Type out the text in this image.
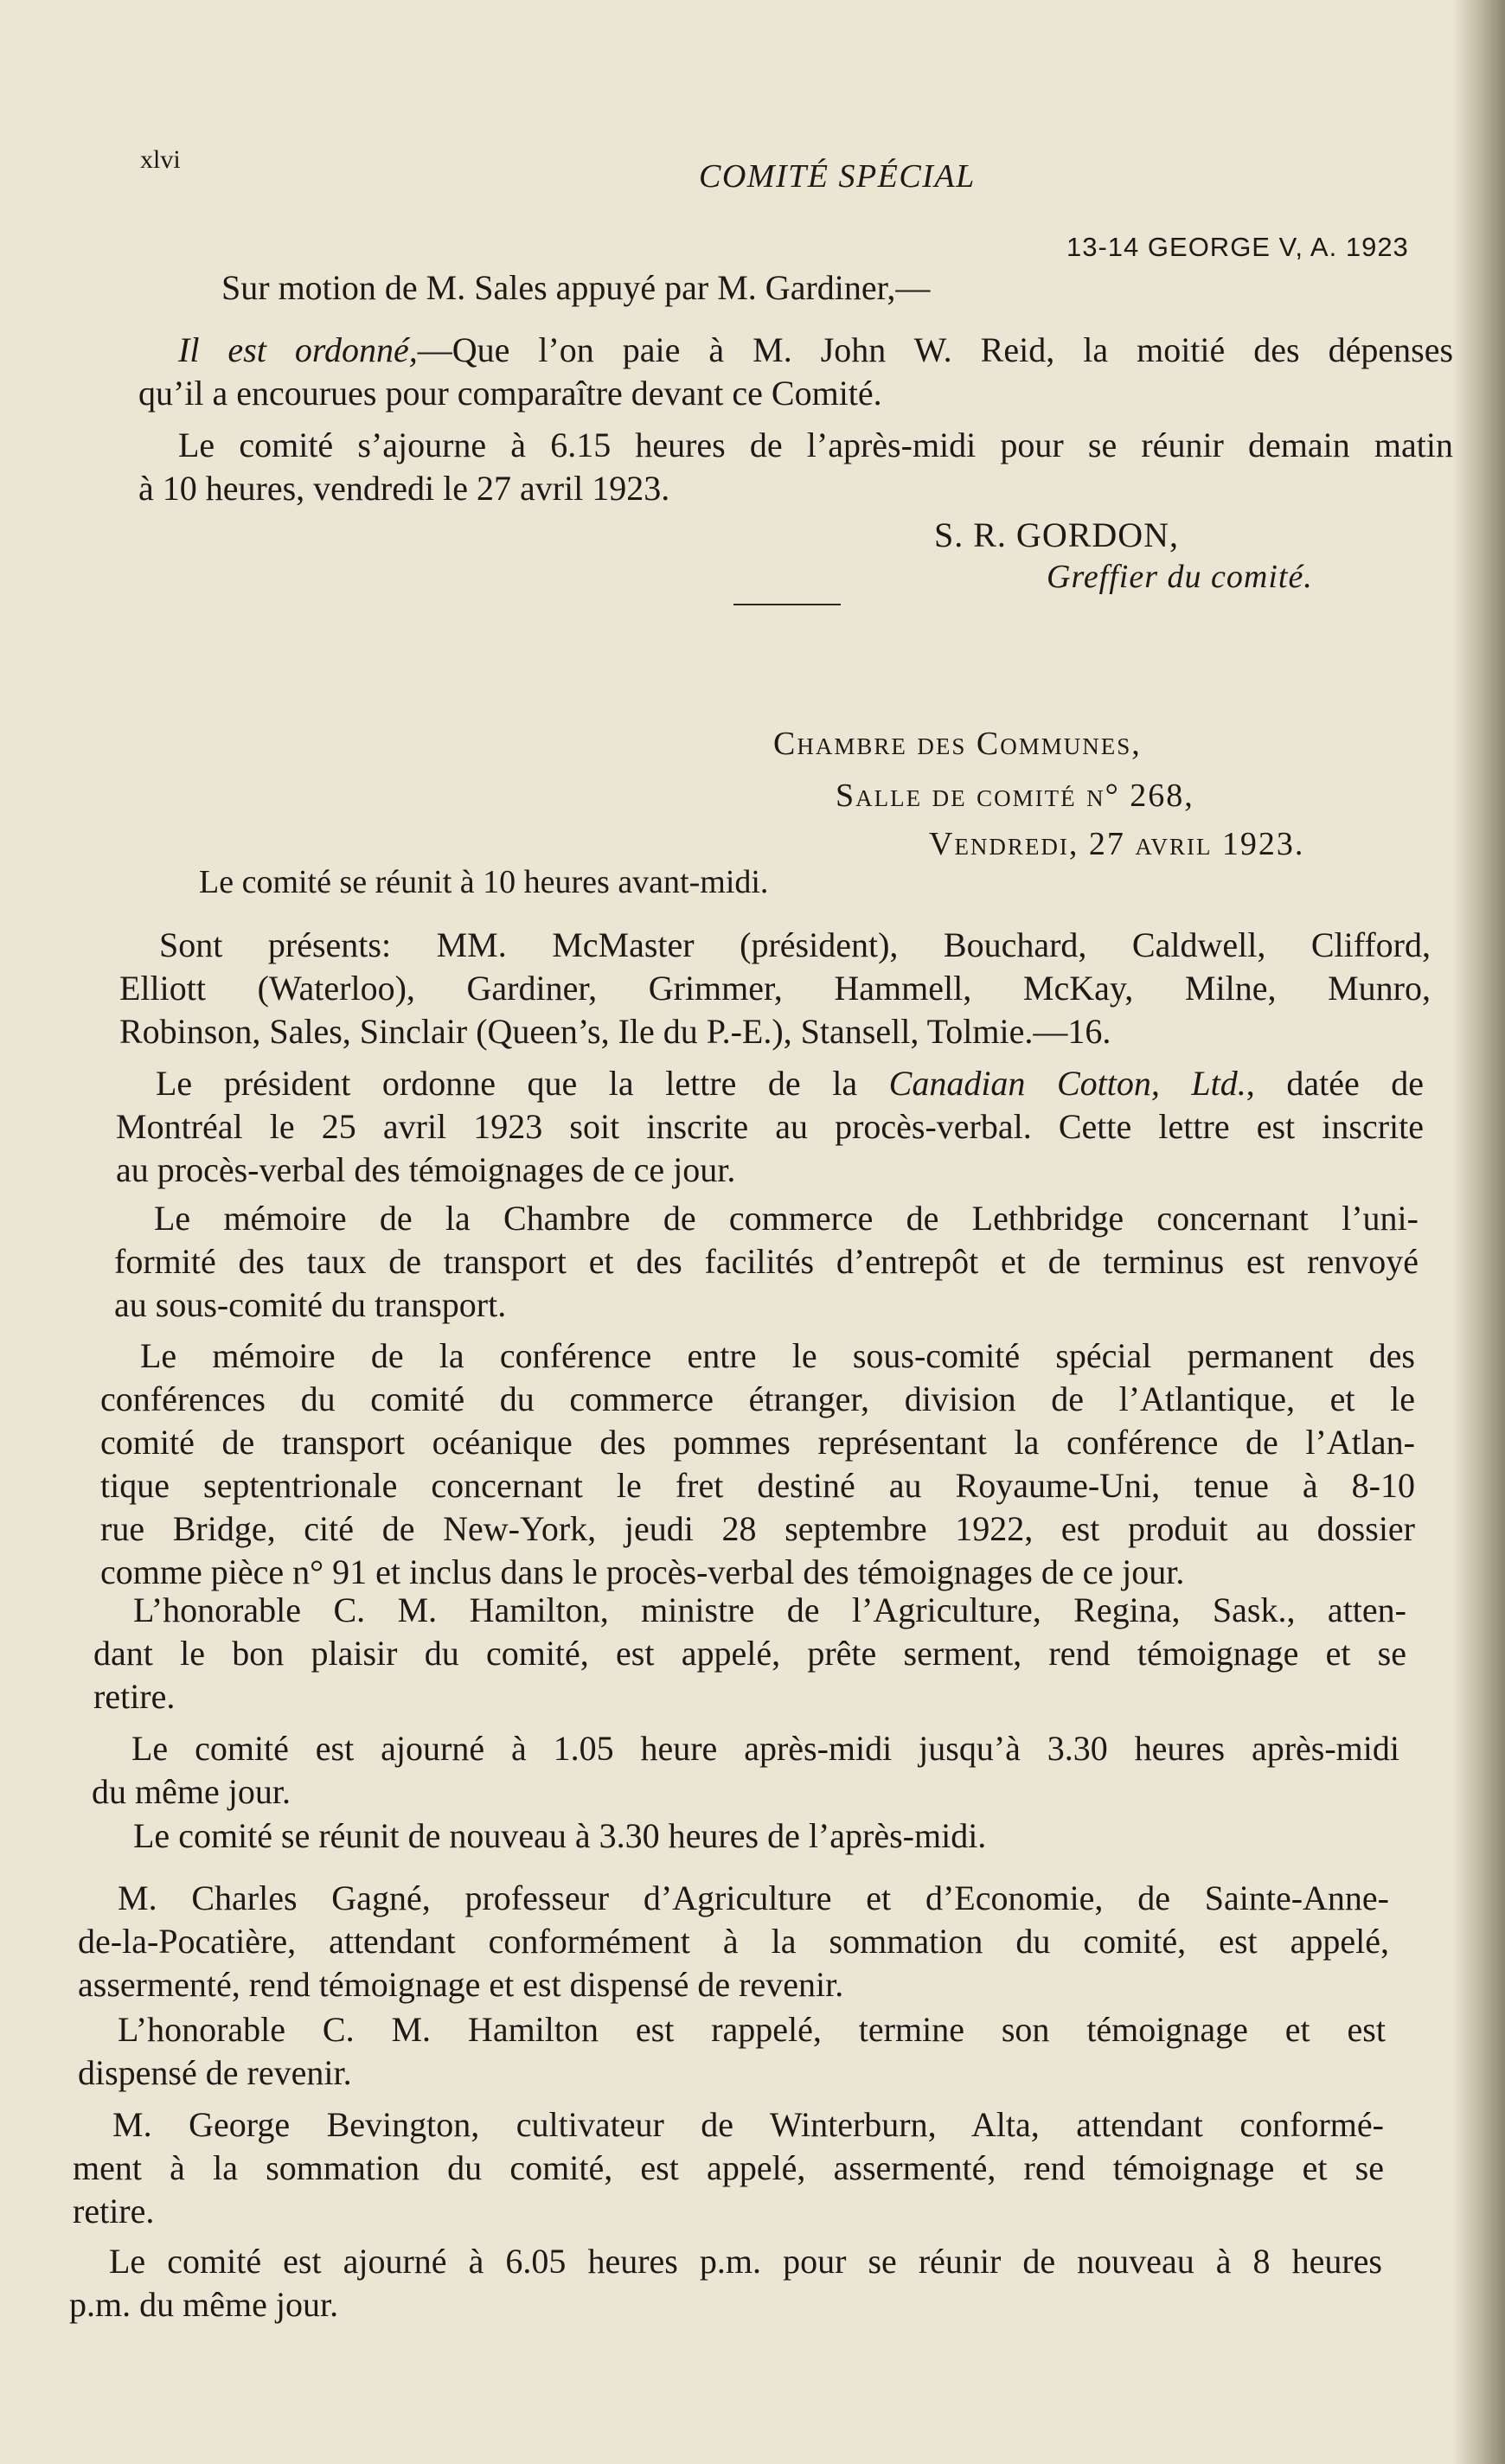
xlvi	COMITÉ SPÉCIAL
13-14 GEORGE V, A. 1923
Sur motion de M. Sales appuyé par M. Gardiner,—
Il est ordonné,—Que l’on paie à M. John W. Reid, la moitié des dépenses
qu’il a encourues pour comparaître devant ce Comité.
Le comité s’ajourne à 6.15 heures de l’après-midi pour se réunir demain matin
à 10 heures, vendredi le 27 avril 1923.
S. R. GORDON,
Greffier du comité.
Chambre des Communes,
Salle de comité n° 268,
Vendredi, 27 avril 1923.
Le comité se réunit à 10 heures avant-midi.
Sont présents: MM. McMaster (président), Bouchard, Caldwell, Clifford,
Elliott (Waterloo), Gardiner, Grimmer, Hammell, McKay, Milne, Munro,
Robinson, Sales, Sinclair (Queen’s, Ile du P.-E.), Stansell, Tolmie.—16.
Le président ordonne que la lettre de la Canadian Cotton, Ltd., datée de
Montréal le 25 avril 1923 soit inscrite au procès-verbal. Cette lettre est inscrite
au procès-verbal des témoignages de ce jour.
Le mémoire de la Chambre de commerce de Lethbridge concernant l’uni-
formité des taux de transport et des facilités d’entrepôt et de terminus est renvoyé
au sous-comité du transport.
Le mémoire de la conférence entre le sous-comité spécial permanent des
conférences du comité du commerce étranger, division de l’Atlantique, et le
comité de transport océanique des pommes représentant la conférence de l’Atlan-
tique septentrionale concernant le fret destiné au Royaume-Uni, tenue à 8-10
rue Bridge, cité de New-York, jeudi 28 septembre 1922, est produit au dossier
comme pièce n° 91 et inclus dans le procès-verbal des témoignages de ce jour.
L’honorable C. M. Hamilton, ministre de l’Agriculture, Regina, Sask., atten-
dant le bon plaisir du comité, est appelé, prête serment, rend témoignage et se
retire.
Le comité est ajourné à 1.05 heure après-midi jusqu’à 3.30 heures après-midi
du même jour.
Le comité se réunit de nouveau à 3.30 heures de l’après-midi.
M. Charles Gagné, professeur d’Agriculture et d’Economie, de Sainte-Anne-
de-la-Pocatière, attendant conformément à la sommation du comité, est appelé,
assermenté, rend témoignage et est dispensé de revenir.
L’honorable C. M. Hamilton est rappelé, termine son témoignage et est
dispensé de revenir.
M. George Bevington, cultivateur de Winterburn, Alta, attendant conformé-
ment à la sommation du comité, est appelé, assermenté, rend témoignage et se
retire.
Le comité est ajourné à 6.05 heures p.m. pour se réunir de nouveau à 8 heures
p.m. du même jour.
